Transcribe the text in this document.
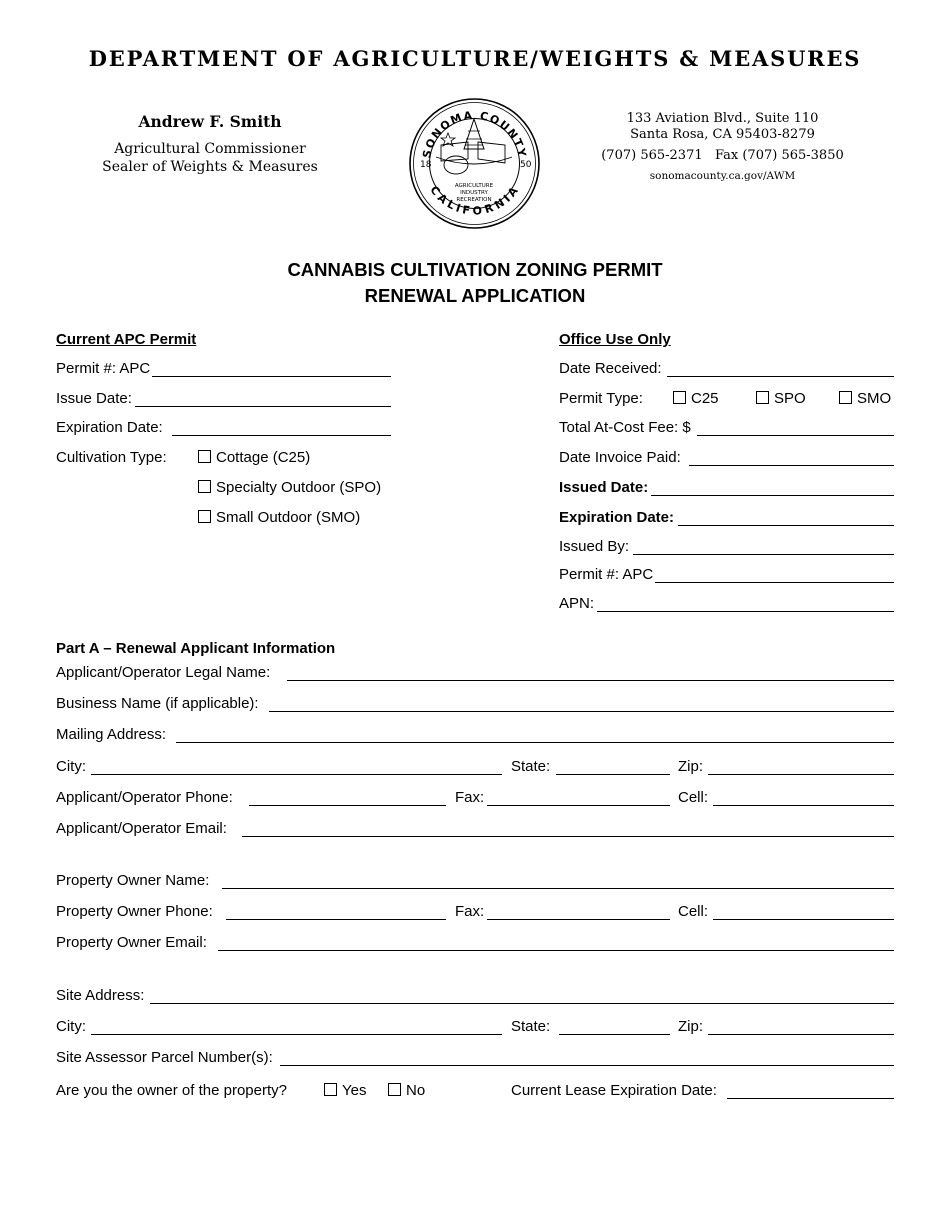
DEPARTMENT OF AGRICULTURE/WEIGHTS & MEASURES
Andrew F. Smith
Agricultural Commissioner
Sealer of Weights & Measures
SONOMA COUNTY
CALIFORNIA
18	50
AGRICULTURE
INDUSTRY
RECREATION
133 Aviation Blvd., Suite 110
Santa Rosa, CA 95403-8279
(707) 565-2371   Fax (707) 565-3850
sonomacounty.ca.gov/AWM
CANNABIS CULTIVATION ZONING PERMIT
RENEWAL APPLICATION
Current APC Permit
Permit #: APC
Issue Date:
Expiration Date:
Cultivation Type:	Cottage (C25)
Specialty Outdoor (SPO)
Small Outdoor (SMO)
Office Use Only
Date Received:
Permit Type:	C25	SPO	SMO
Total At-Cost Fee: $
Date Invoice Paid:
Issued Date:
Expiration Date:
Issued By:
Permit #: APC
APN:
Part A – Renewal Applicant Information
Applicant/Operator Legal Name:
Business Name (if applicable):
Mailing Address:
City:	State:	Zip:
Applicant/Operator Phone:	Fax:	Cell:
Applicant/Operator Email:
Property Owner Name:
Property Owner Phone:	Fax:	Cell:
Property Owner Email:
Site Address:
City:	State:	Zip:
Site Assessor Parcel Number(s):
Are you the owner of the property?	Yes	No	Current Lease Expiration Date:
